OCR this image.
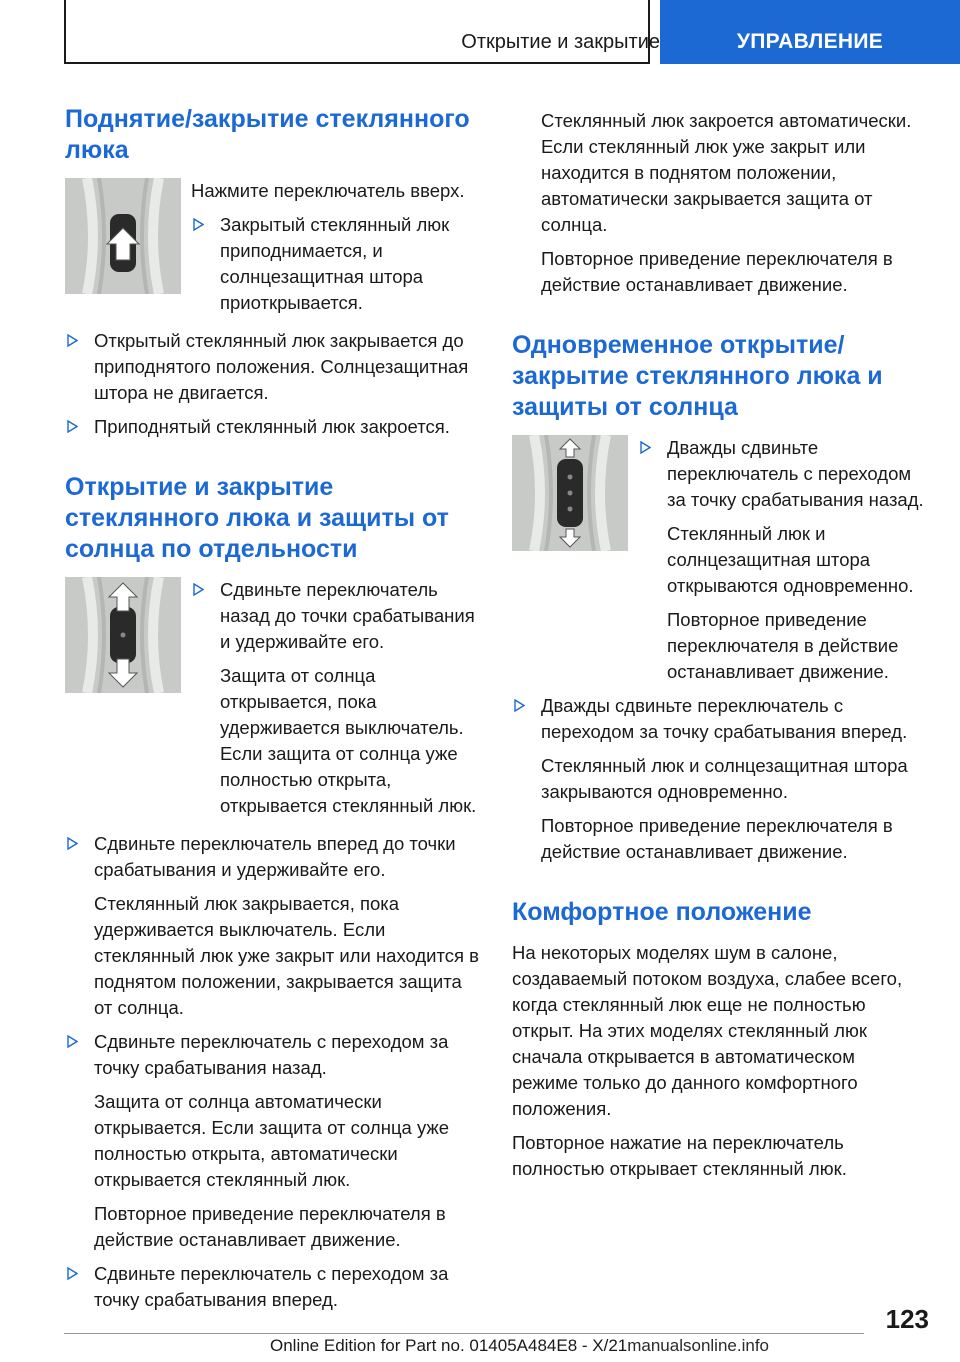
Открытие и закрытие	УПРАВЛЕНИЕ
Поднятие/закрытие стеклянного люка

Нажмите переключатель вверх.

Закрытый стеклянный люк приподнимается, и солнцезащитная штора приоткрывается.

Открытый стеклянный люк закрывается до приподнятого положения. Солнцезащитная штора не двигается.

Приподнятый стеклянный люк закроется.

Открытие и закрытие стеклянного люка и защиты от солнца по отдельности

Сдвиньте переключатель назад до точки срабатывания и удерживайте его.

Защита от солнца открывается, пока удерживается выключатель. Если защита от солнца уже полностью открыта, открывается стеклянный люк.

Сдвиньте переключатель вперед до точки срабатывания и удерживайте его.

Стеклянный люк закрывается, пока удерживается выключатель. Если стеклянный люк уже закрыт или находится в поднятом положении, закрывается защита от солнца.

Сдвиньте переключатель с переходом за точку срабатывания назад.

Защита от солнца автоматически открывается. Если защита от солнца уже полностью открыта, автоматически открывается стеклянный люк.

Повторное приведение переключателя в действие останавливает движение.

Сдвиньте переключатель с переходом за точку срабатывания вперед.

Стеклянный люк закроется автоматически. Если стеклянный люк уже закрыт или находится в поднятом положении, автоматически закрывается защита от солнца.

Повторное приведение переключателя в действие останавливает движение.

Одновременное открытие/закрытие стеклянного люка и защиты от солнца

Дважды сдвиньте переключатель с переходом за точку срабатывания назад.

Стеклянный люк и солнцезащитная штора открываются одновременно.

Повторное приведение переключателя в действие останавливает движение.

Дважды сдвиньте переключатель с переходом за точку срабатывания вперед.

Стеклянный люк и солнцезащитная штора закрываются одновременно.

Повторное приведение переключателя в действие останавливает движение.

Комфортное положение

На некоторых моделях шум в салоне, создаваемый потоком воздуха, слабее всего, когда стеклянный люк еще не полностью открыт. На этих моделях стеклянный люк сначала открывается в автоматическом режиме только до данного комфортного положения.

Повторное нажатие на переключатель полностью открывает стеклянный люк.

123
Online Edition for Part no. 01405A484E8 - X/21manualsonline.info
